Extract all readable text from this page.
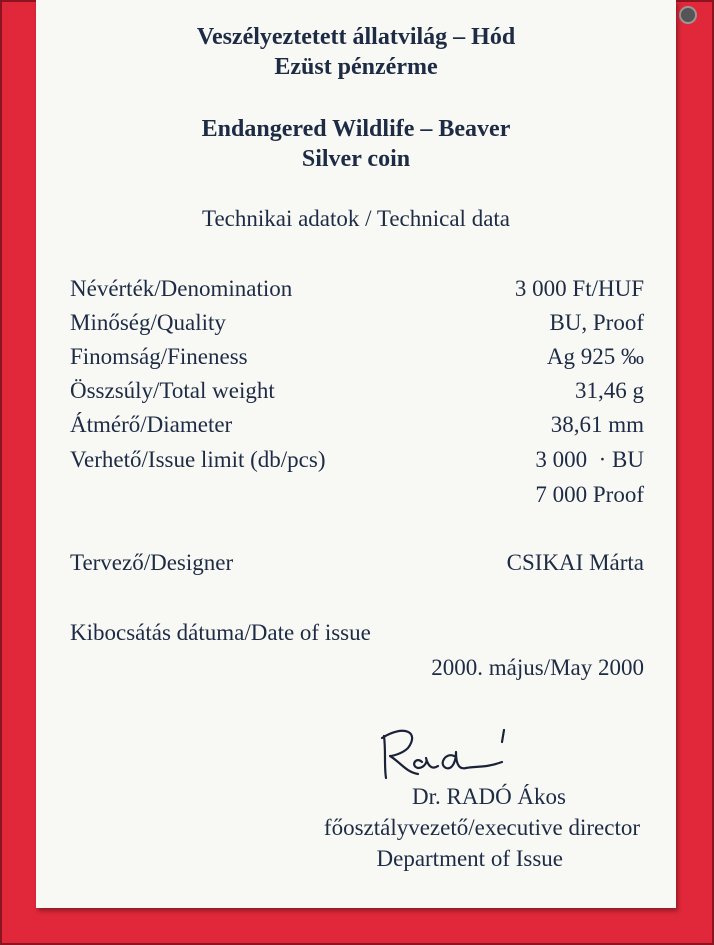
Veszélyeztetett állatvilág – Hód
Ezüst pénzérme
Endangered Wildlife – Beaver
Silver coin
Technikai adatok / Technical data
Névérték/Denomination	3 000 Ft/HUF
Minőség/Quality	BU, Proof
Finomság/Fineness	Ag 925 ‰
Összsúly/Total weight	31,46 g
Átmérő/Diameter	38,61 mm
Verhető/Issue limit (db/pcs)	3 000  · BU
7 000 Proof
Tervező/Designer	CSIKAI Márta
Kibocsátás dátuma/Date of issue
2000. május/May 2000
Dr. RADÓ Ákos
főosztályvezető/executive director
Department of Issue
